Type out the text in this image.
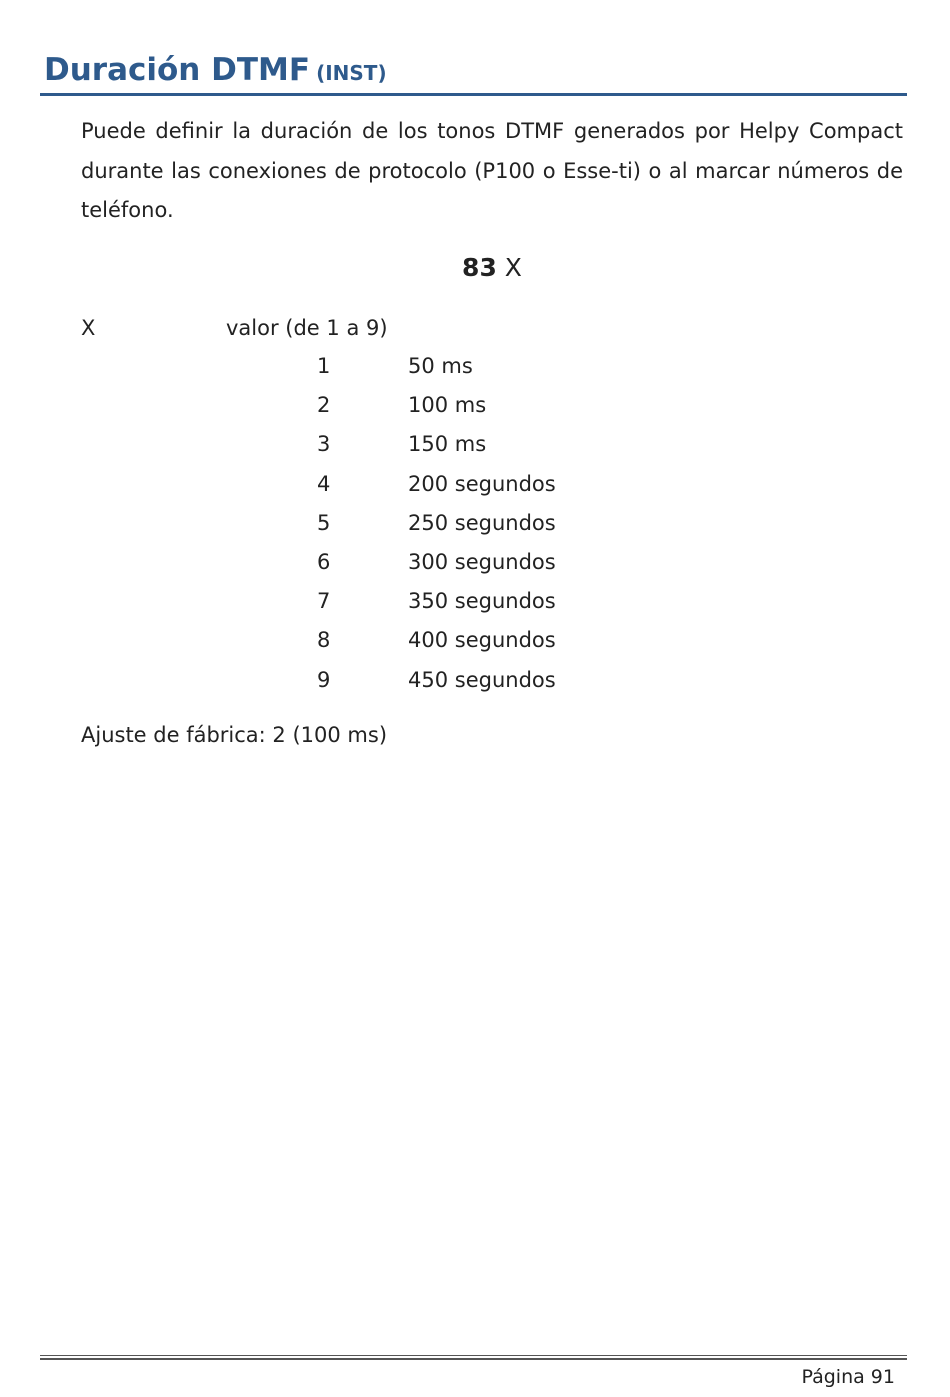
Duración DTMF (INST)

Puede definir la duración de los tonos DTMF generados por Helpy Compact durante las conexiones de protocolo (P100 o Esse-ti) o al marcar números de teléfono.

83 X
X	valor (de 1 a 9)
1	50 ms
2	100 ms
3	150 ms
4	200 segundos
5	250 segundos
6	300 segundos
7	350 segundos
8	400 segundos
9	450 segundos
Ajuste de fábrica: 2 (100 ms)
Página 91
